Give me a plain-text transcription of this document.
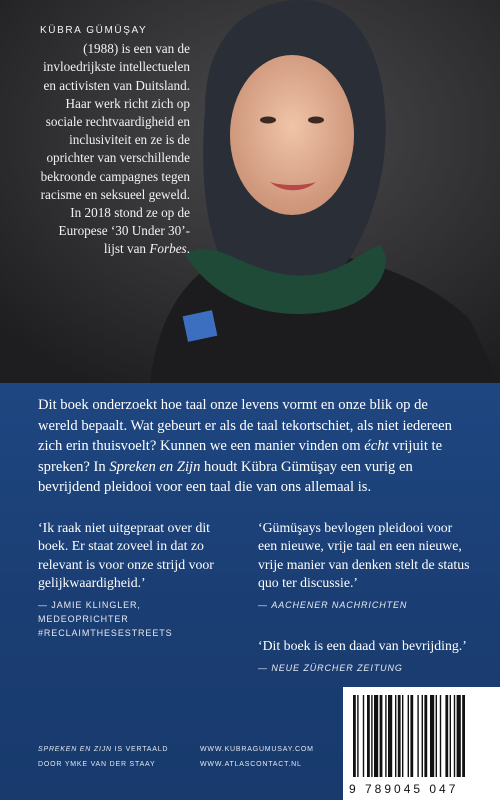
KÜBRA GÜMÜŞAY
(1988) is een van de invloedrijkste intellectuelen en activisten van Duitsland. Haar werk richt zich op sociale rechtvaardigheid en inclusiviteit en ze is de oprichter van verschillende bekroonde campagnes tegen racisme en seksueel geweld. In 2018 stond ze op de Europese ‘30 Under 30’-lijst van Forbes.
Dit boek onderzoekt hoe taal onze levens vormt en onze blik op de wereld bepaalt. Wat gebeurt er als de taal tekortschiet, als niet iedereen zich erin thuisvoelt? Kunnen we een manier vinden om écht vrijuit te spreken? In Spreken en Zijn houdt Kübra Gümüşay een vurig en bevrijdend pleidooi voor een taal die van ons allemaal is.
‘Ik raak niet uitgepraat over dit boek. Er staat zoveel in dat zo relevant is voor onze strijd voor gelijkwaardigheid.’
— JAMIE KLINGLER,
MEDEOPRICHTER
#RECLAIMTHESESTREETS
‘Gümüşays bevlogen pleidooi voor een nieuwe, vrije taal en een nieuwe, vrije manier van denken stelt de status quo ter discussie.’
— AACHENER NACHRICHTEN
‘Dit boek is een daad van bevrijding.’
— NEUE ZÜRCHER ZEITUNG
SPREKEN EN ZIJN IS VERTAALD
DOOR YMKE VAN DER STAAY
WWW.KUBRAGUMUSAY.COM
WWW.ATLASCONTACT.NL
9 789045 047
